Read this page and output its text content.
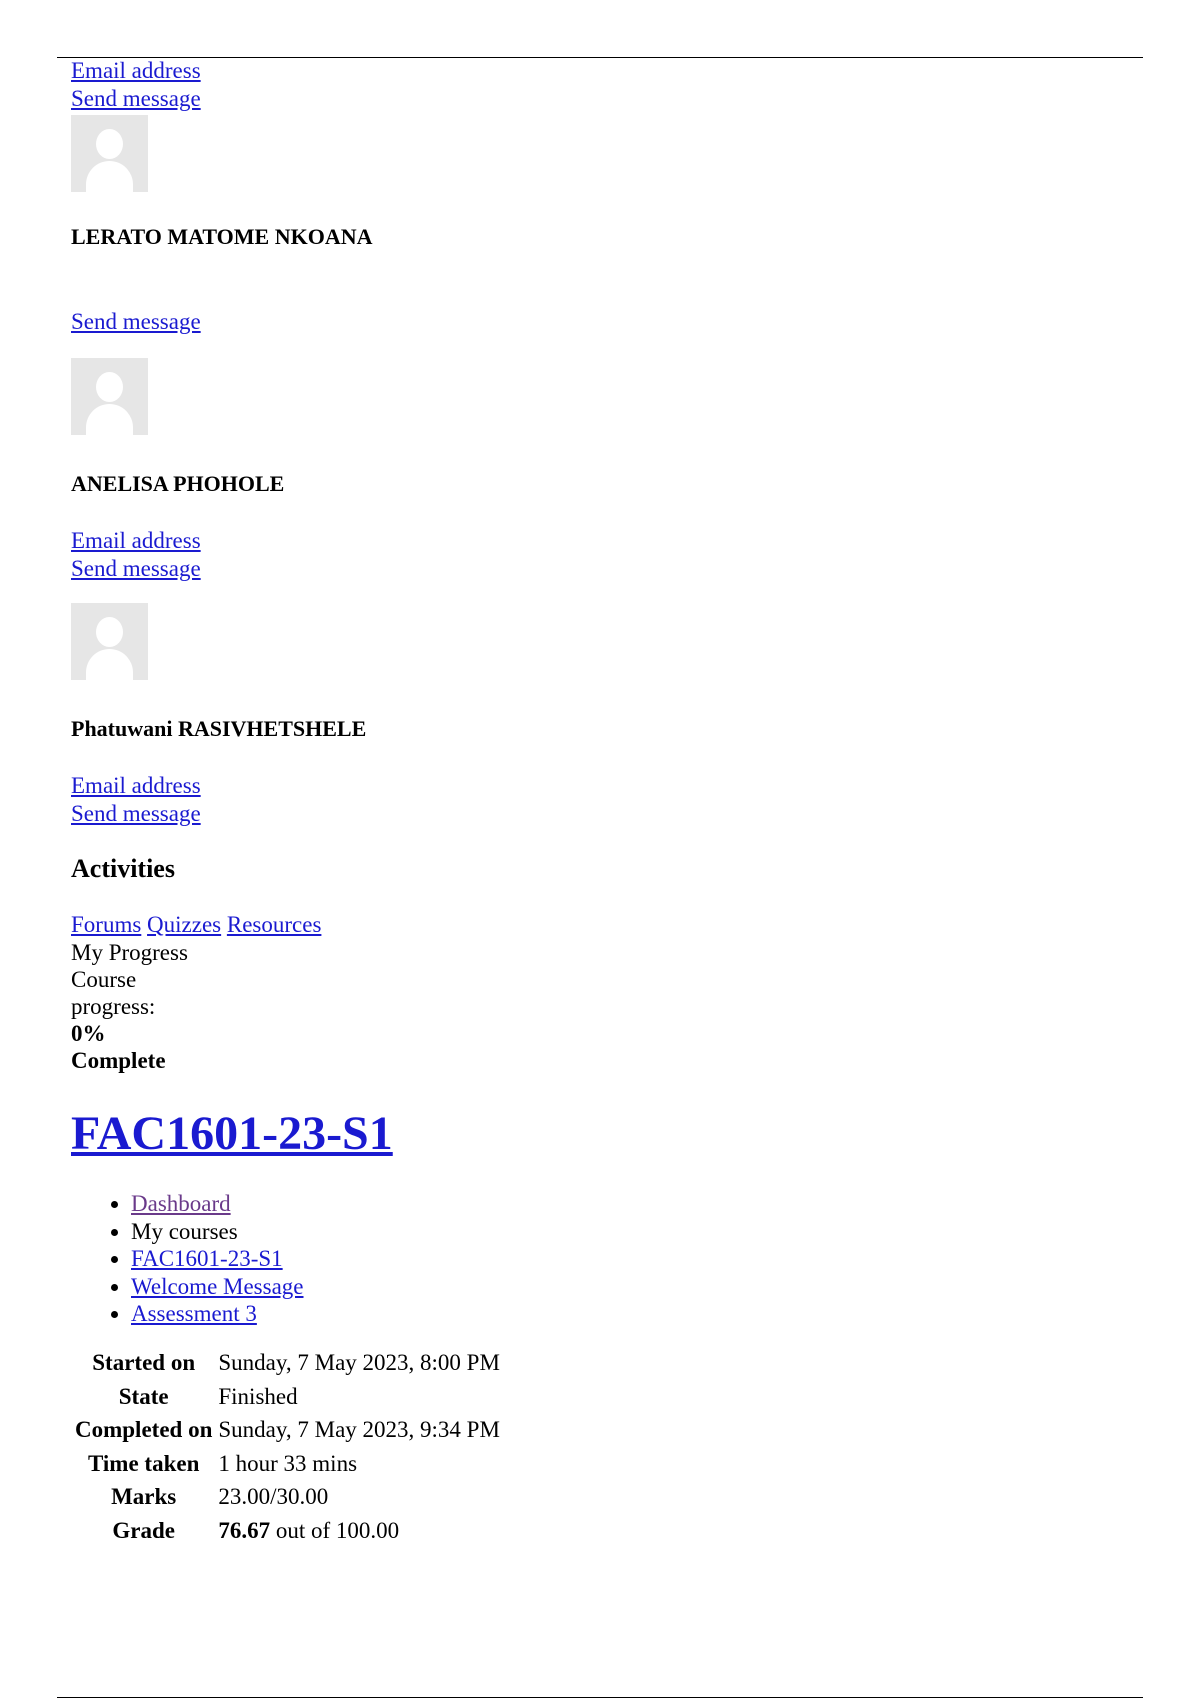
Email address
Send message
LERATO MATOME NKOANA
Send message
ANELISA PHOHOLE
Email address
Send message
Phatuwani RASIVHETSHELE
Email address
Send message
Activities
Forums Quizzes Resources
My Progress
Course
progress:
0%
Complete
FAC1601-23-S1
• Dashboard
• My courses
• FAC1601-23-S1
• Welcome Message
• Assessment 3
Started on	Sunday, 7 May 2023, 8:00 PM
State	Finished
Completed on	Sunday, 7 May 2023, 9:34 PM
Time taken	1 hour 33 mins
Marks	23.00/30.00
Grade	76.67 out of 100.00
